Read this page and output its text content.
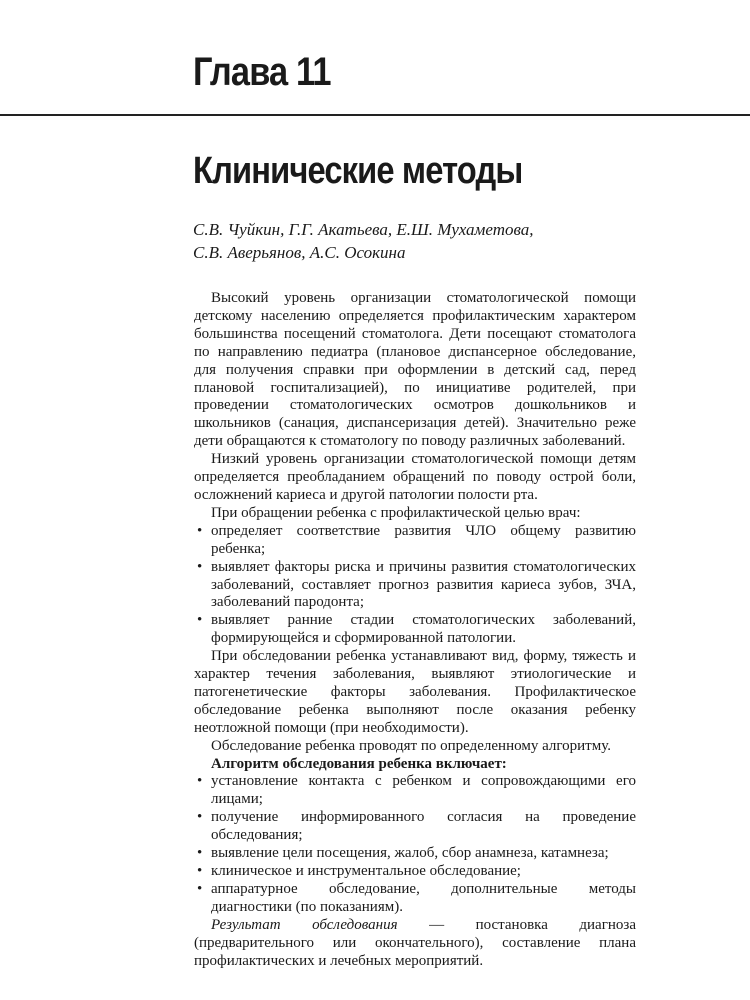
Глава 11
Клинические методы
С.В. Чуйкин, Г.Г. Акатьева, Е.Ш. Мухаметова,
С.В. Аверьянов, А.С. Осокина

Высокий уровень организации стоматологической помощи детскому населению определяется профилактическим характером большинства посещений стоматолога. Дети посещают стоматолога по направлению педиатра (плановое диспансерное обследование, для получения справки при оформлении в детский сад, перед плановой госпитализацией), по инициативе родителей, при проведении стоматологических осмотров дошкольников и школьников (санация, диспансеризация детей). Значительно реже дети обращаются к стоматологу по поводу различных заболеваний.

Низкий уровень организации стоматологической помощи детям определяется преобладанием обращений по поводу острой боли, осложнений кариеса и другой патологии полости рта.

При обращении ребенка с профилактической целью врач:

• определяет соответствие развития ЧЛО общему развитию ребенка;
• выявляет факторы риска и причины развития стоматологических заболеваний, составляет прогноз развития кариеса зубов, ЗЧА, заболеваний пародонта;
• выявляет ранние стадии стоматологических заболеваний, формирующейся и сформированной патологии.

При обследовании ребенка устанавливают вид, форму, тяжесть и характер течения заболевания, выявляют этиологические и патогенетические факторы заболевания. Профилактическое обследование ребенка выполняют после оказания ребенку неотложной помощи (при необходимости).

Обследование ребенка проводят по определенному алгоритму.

Алгоритм обследования ребенка включает:

• установление контакта с ребенком и сопровождающими его лицами;
• получение информированного согласия на проведение обследования;
• выявление цели посещения, жалоб, сбор анамнеза, катамнеза;
• клиническое и инструментальное обследование;
• аппаратурное обследование, дополнительные методы диагностики (по показаниям).

Результат обследования — постановка диагноза (предварительного или окончательного), составление плана профилактических и лечебных мероприятий.
